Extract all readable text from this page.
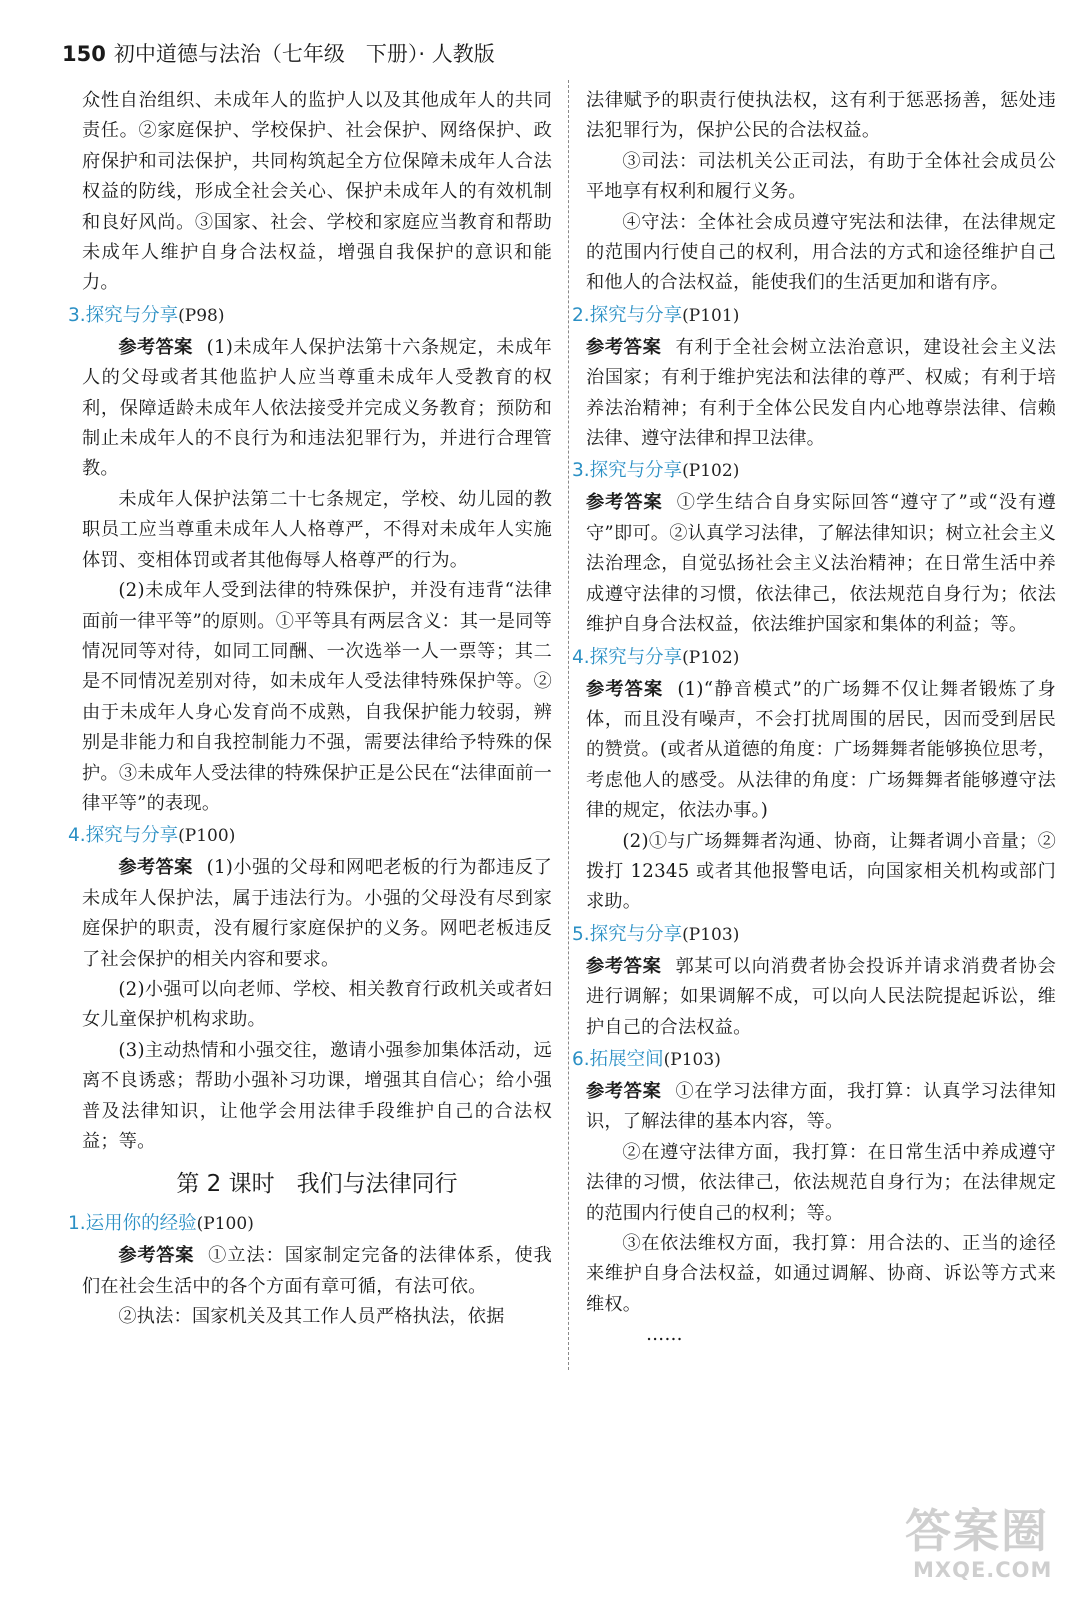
150 初中道德与法治（七年级　下册）· 人教版

众性自治组织、未成年人的监护人以及其他成年人的共同责任。②家庭保护、学校保护、社会保护、网络保护、政府保护和司法保护，共同构筑起全方位保障未成年人合法权益的防线，形成全社会关心、保护未成年人的有效机制和良好风尚。③国家、社会、学校和家庭应当教育和帮助未成年人维护自身合法权益，增强自我保护的意识和能力。

3.探究与分享(P98)

参考答案 (1)未成年人保护法第十六条规定，未成年人的父母或者其他监护人应当尊重未成年人受教育的权利，保障适龄未成年人依法接受并完成义务教育；预防和制止未成年人的不良行为和违法犯罪行为，并进行合理管教。

未成年人保护法第二十七条规定，学校、幼儿园的教职员工应当尊重未成年人人格尊严，不得对未成年人实施体罚、变相体罚或者其他侮辱人格尊严的行为。

(2)未成年人受到法律的特殊保护，并没有违背“法律面前一律平等”的原则。①平等具有两层含义：其一是同等情况同等对待，如同工同酬、一次选举一人一票等；其二是不同情况差别对待，如未成年人受法律特殊保护等。②由于未成年人身心发育尚不成熟，自我保护能力较弱，辨别是非能力和自我控制能力不强，需要法律给予特殊的保护。③未成年人受法律的特殊保护正是公民在“法律面前一律平等”的表现。

4.探究与分享(P100)

参考答案 (1)小强的父母和网吧老板的行为都违反了未成年人保护法，属于违法行为。小强的父母没有尽到家庭保护的职责，没有履行家庭保护的义务。网吧老板违反了社会保护的相关内容和要求。

(2)小强可以向老师、学校、相关教育行政机关或者妇女儿童保护机构求助。

(3)主动热情和小强交往，邀请小强参加集体活动，远离不良诱惑；帮助小强补习功课，增强其自信心；给小强普及法律知识，让他学会用法律手段维护自己的合法权益；等。

第 2 课时 我们与法律同行
1.运用你的经验(P100)

参考答案 ①立法：国家制定完备的法律体系，使我们在社会生活中的各个方面有章可循，有法可依。

②执法：国家机关及其工作人员严格执法，依据

法律赋予的职责行使执法权，这有利于惩恶扬善，惩处违法犯罪行为，保护公民的合法权益。

③司法：司法机关公正司法，有助于全体社会成员公平地享有权利和履行义务。

④守法：全体社会成员遵守宪法和法律，在法律规定的范围内行使自己的权利，用合法的方式和途径维护自己和他人的合法权益，能使我们的生活更加和谐有序。

2.探究与分享(P101)

参考答案 有利于全社会树立法治意识，建设社会主义法治国家；有利于维护宪法和法律的尊严、权威；有利于培养法治精神；有利于全体公民发自内心地尊崇法律、信赖法律、遵守法律和捍卫法律。

3.探究与分享(P102)

参考答案 ①学生结合自身实际回答“遵守了”或“没有遵守”即可。②认真学习法律，了解法律知识；树立社会主义法治理念，自觉弘扬社会主义法治精神；在日常生活中养成遵守法律的习惯，依法律己，依法规范自身行为；依法维护自身合法权益，依法维护国家和集体的利益；等。

4.探究与分享(P102)

参考答案 (1)“静音模式”的广场舞不仅让舞者锻炼了身体，而且没有噪声，不会打扰周围的居民，因而受到居民的赞赏。(或者从道德的角度：广场舞舞者能够换位思考，考虑他人的感受。从法律的角度：广场舞舞者能够遵守法律的规定，依法办事。)

(2)①与广场舞舞者沟通、协商，让舞者调小音量；②拨打 12345 或者其他报警电话，向国家相关机构或部门求助。

5.探究与分享(P103)

参考答案 郭某可以向消费者协会投诉并请求消费者协会进行调解；如果调解不成，可以向人民法院提起诉讼，维护自己的合法权益。

6.拓展空间(P103)

参考答案 ①在学习法律方面，我打算：认真学习法律知识，了解法律的基本内容，等。

②在遵守法律方面，我打算：在日常生活中养成遵守法律的习惯，依法律己，依法规范自身行为；在法律规定的范围内行使自己的权利；等。

③在依法维权方面，我打算：用合法的、正当的途径来维护自身合法权益，如通过调解、协商、诉讼等方式来维权。

……

答案圈
MXQE.COM
